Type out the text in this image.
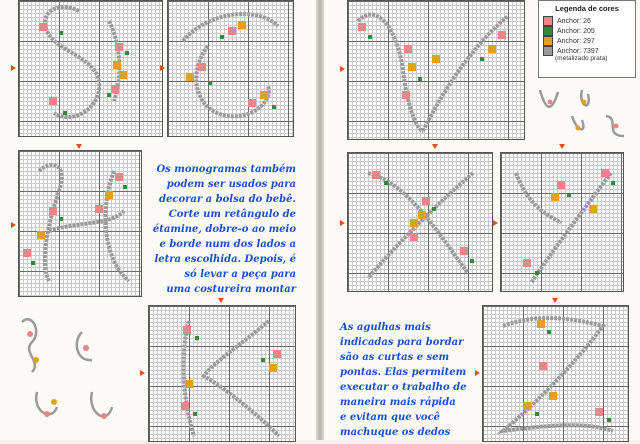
Os monogramas também

podem ser usados para

decorar a bolsa do bebê.

Corte um retângulo de

étamine, dobre-o ao meio

e borde num dos lados a

letra escolhida. Depois, é

só levar a peça para

uma costureira montar

Legenda de cores
Anchor: 26
Anchor: 205
Anchor: 297
Anchor: 7397
(metalizado prata)

As agulhas mais

indicadas para bordar

são as curtas e sem

pontas. Elas permitem

executar o trabalho de

maneira mais rápida

e evitam que você

machuque os dedos
